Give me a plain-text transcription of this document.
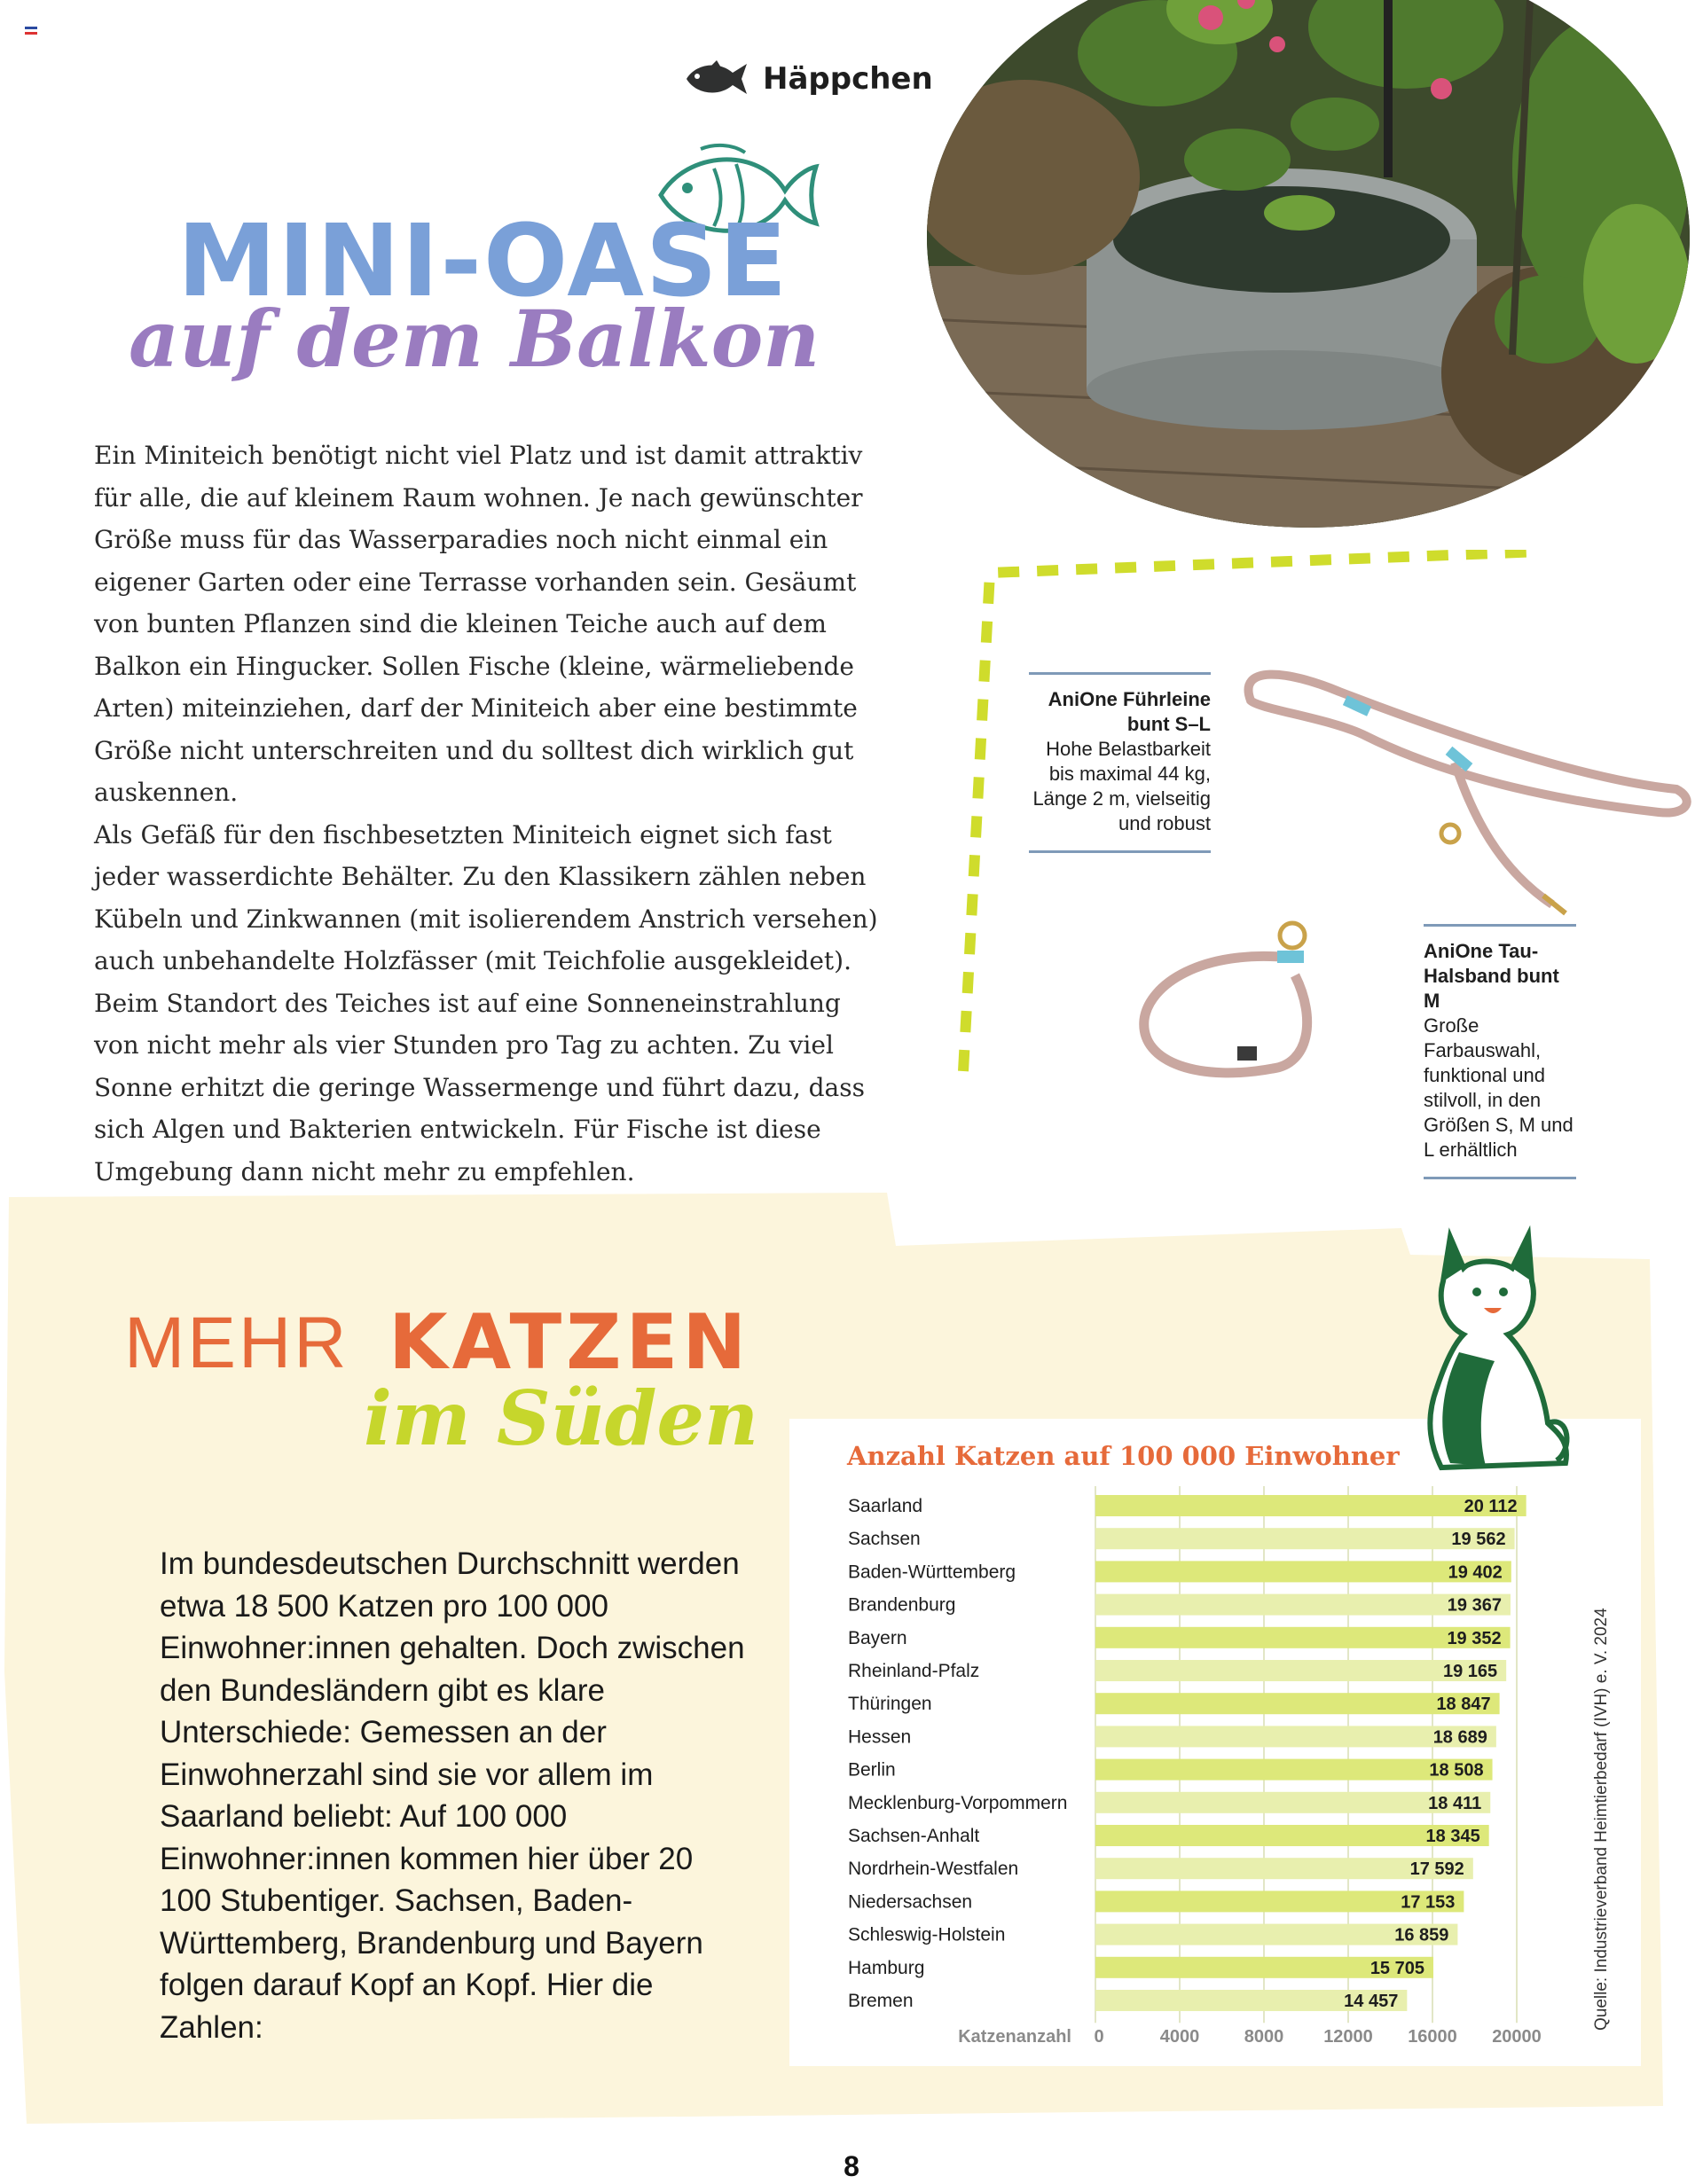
Häppchen
MINI-OASE
auf dem Balkon

Ein Miniteich benötigt nicht viel Platz und ist damit attraktiv für alle, die auf kleinem Raum wohnen. Je nach gewünschter Größe muss für das Wasserparadies noch nicht einmal ein eigener Garten oder eine Terrasse vorhanden sein. Gesäumt von bunten Pflanzen sind die kleinen Teiche auch auf dem Balkon ein Hingucker. Sollen Fische (kleine, wärmeliebende Arten) miteinziehen, darf der Miniteich aber eine bestimmte Größe nicht unterschreiten und du solltest dich wirklich gut auskennen.

Als Gefäß für den fischbesetzten Miniteich eignet sich fast jeder wasserdichte Behälter. Zu den Klassikern zählen neben Kübeln und Zinkwannen (mit isolierendem Anstrich versehen) auch unbehandelte Holzfässer (mit Teichfolie ausgekleidet). Beim Standort des Teiches ist auf eine Sonneneinstrahlung von nicht mehr als vier Stunden pro Tag zu achten. Zu viel Sonne erhitzt die geringe Wassermenge und führt dazu, dass sich Algen und Bakterien entwickeln. Für Fische ist diese Umgebung dann nicht mehr zu empfehlen.

AniOne Führleine bunt S–L
Hohe Belastbarkeit bis maximal 44 kg, Länge 2 m, vielseitig und robust
AniOne Tau-Halsband bunt M
Große Farbauswahl, funktional und stilvoll, in den Größen S, M und L erhältlich
MEHR KATZEN
im Süden
Im bundesdeutschen Durchschnitt werden etwa 18 500 Katzen pro 100 000 Einwohner:innen gehalten. Doch zwischen den Bundesländern gibt es klare Unterschiede: Gemessen an der Einwohnerzahl sind sie vor allem im Saarland beliebt: Auf 100 000 Einwohner:innen kommen hier über 20 100 Stubentiger. Sachsen, Baden-Württemberg, Brandenburg und Bayern folgen darauf Kopf an Kopf. Hier die Zahlen:
Anzahl Katzen auf 100 000 Einwohner
Saarland	20 112
Sachsen	19 562
Baden-Württemberg	19 402
Brandenburg	19 367
Bayern	19 352
Rheinland-Pfalz	19 165
Thüringen	18 847
Hessen	18 689
Berlin	18 508
Mecklenburg-Vorpommern	18 411
Sachsen-Anhalt	18 345
Nordrhein-Westfalen	17 592
Niedersachsen	17 153
Schleswig-Holstein	16 859
Hamburg	15 705
Bremen	14 457
Katzenanzahl 0	4000	8000 12000 16000 20000
Quelle: Industrieverband Heimtierbedarf (IVH) e. V. 2024
8
